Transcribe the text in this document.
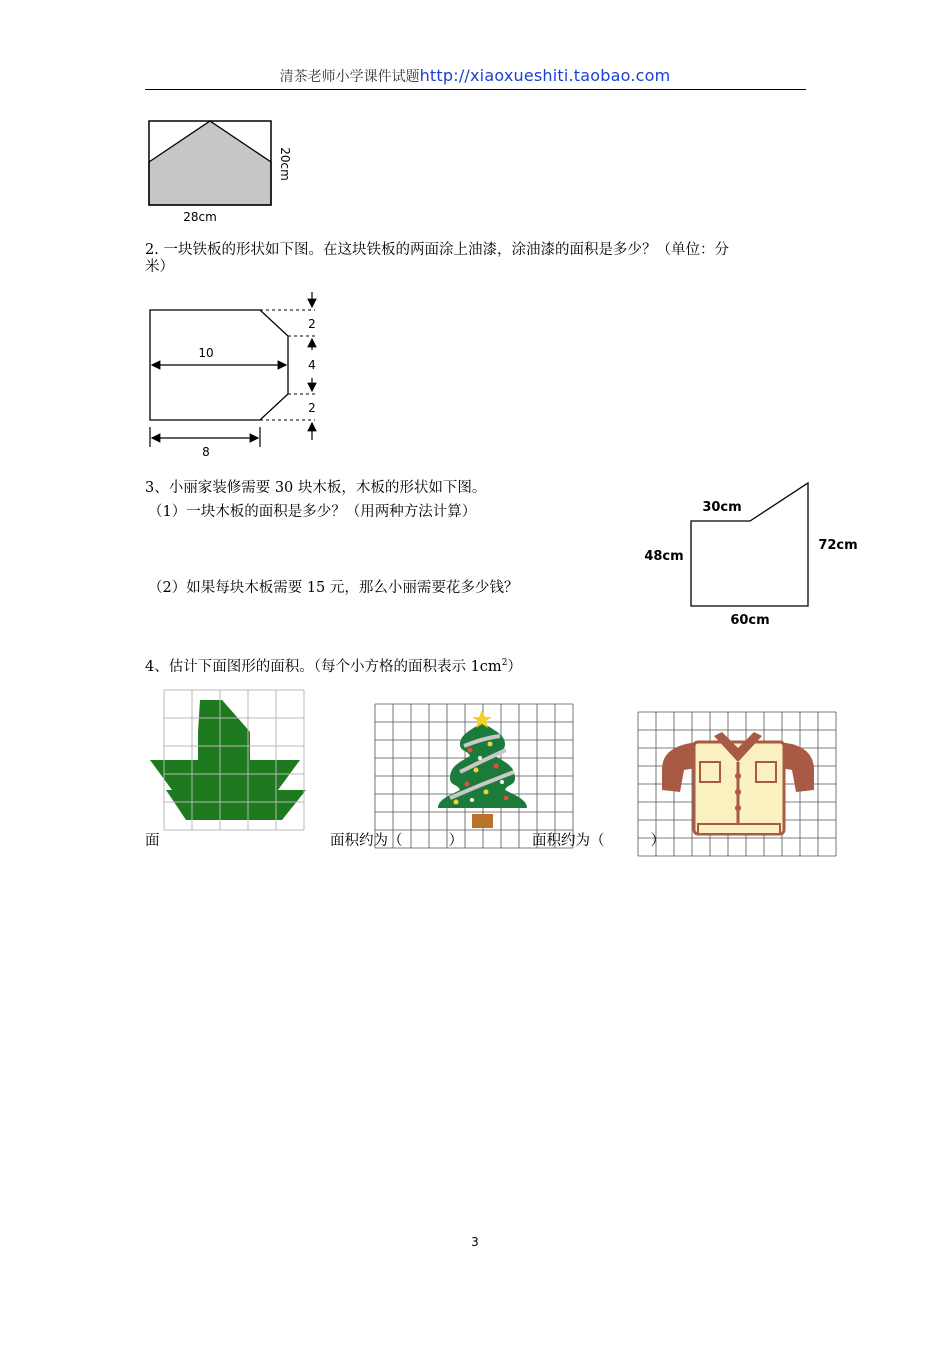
清茶老师小学课件试题http://xiaoxueshiti.taobao.com
28cm
20cm
2. 一块铁板的形状如下图。在这块铁板的两面涂上油漆，涂油漆的面积是多少？（单位：分
米）
10
8
2
4
2
3、小丽家装修需要 30 块木板，木板的形状如下图。
（1）一块木板的面积是多少？（用两种方法计算）
（2）如果每块木板需要 15 元，那么小丽需要花多少钱？
30cm
48cm
72cm
60cm
4、估计下面图形的面积。（每个小方格的面积表示 $1cm^2$）
面	面积约为（          ）	面积约为（          ）
3
